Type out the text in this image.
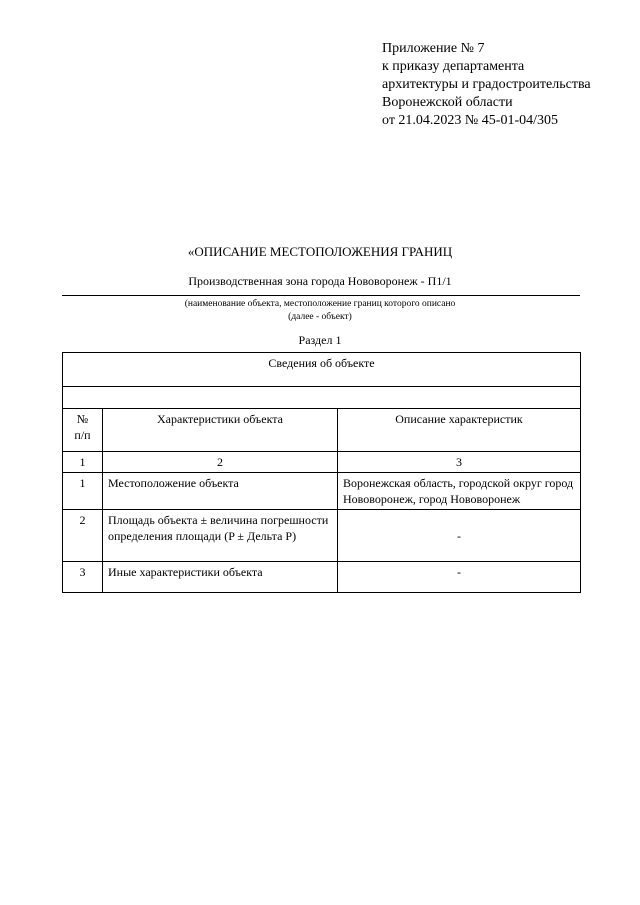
Приложение № 7
к приказу департамента
архитектуры и градостроительства
Воронежской области
от 21.04.2023 № 45-01-04/305
«ОПИСАНИЕ МЕСТОПОЛОЖЕНИЯ ГРАНИЦ
Производственная зона города Нововоронеж - П1/1
(наименование объекта, местоположение границ которого описано
(далее - объект)
Раздел 1
Сведения об объекте		

№
п/п	Характеристики объекта	Описание характеристик
1	2	3
1	Местоположение объекта	Воронежская область, городской округ город Нововоронеж, город Нововоронеж
2	Площадь объекта ± величина погрешности определения площади (P ± Дельта P)	-
3	Иные характеристики объекта	-
